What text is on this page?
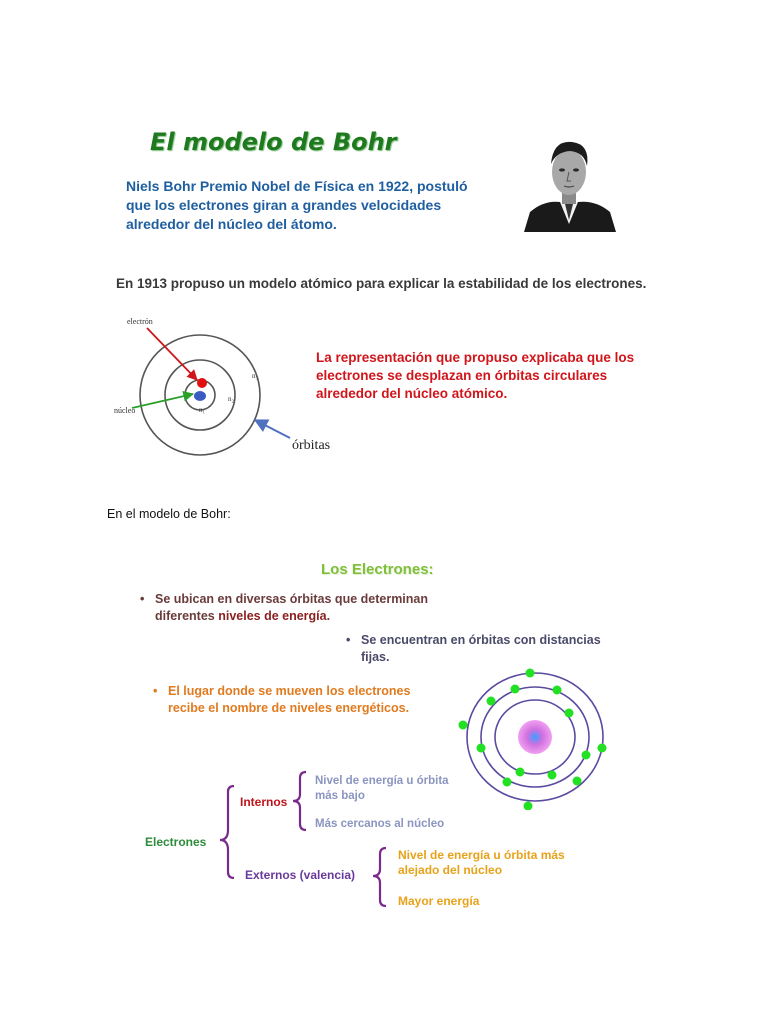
El modelo de Bohr
Niels Bohr Premio Nobel de Física en 1922, postuló que los electrones giran a grandes velocidades alrededor del núcleo del átomo.
En 1913 propuso un modelo atómico para explicar la estabilidad de los electrones.
electrón
núcleo	n₁
n₂
n₃
La representación que propuso explicaba que los electrones se desplazan en órbitas circulares alrededor del núcleo atómico.
órbitas
En el modelo de Bohr:
Los Electrones:
• Se ubican en diversas órbitas que determinan diferentes niveles de energía.
• Se encuentran en órbitas con distancias fijas.
• El lugar donde se mueven los electrones recibe el nombre de niveles energéticos.
Electrones
Internos
Externos (valencia)
Nivel de energía u órbita más bajo
Más cercanos al núcleo
Nivel de energía u órbita más alejado del núcleo
Mayor energía
